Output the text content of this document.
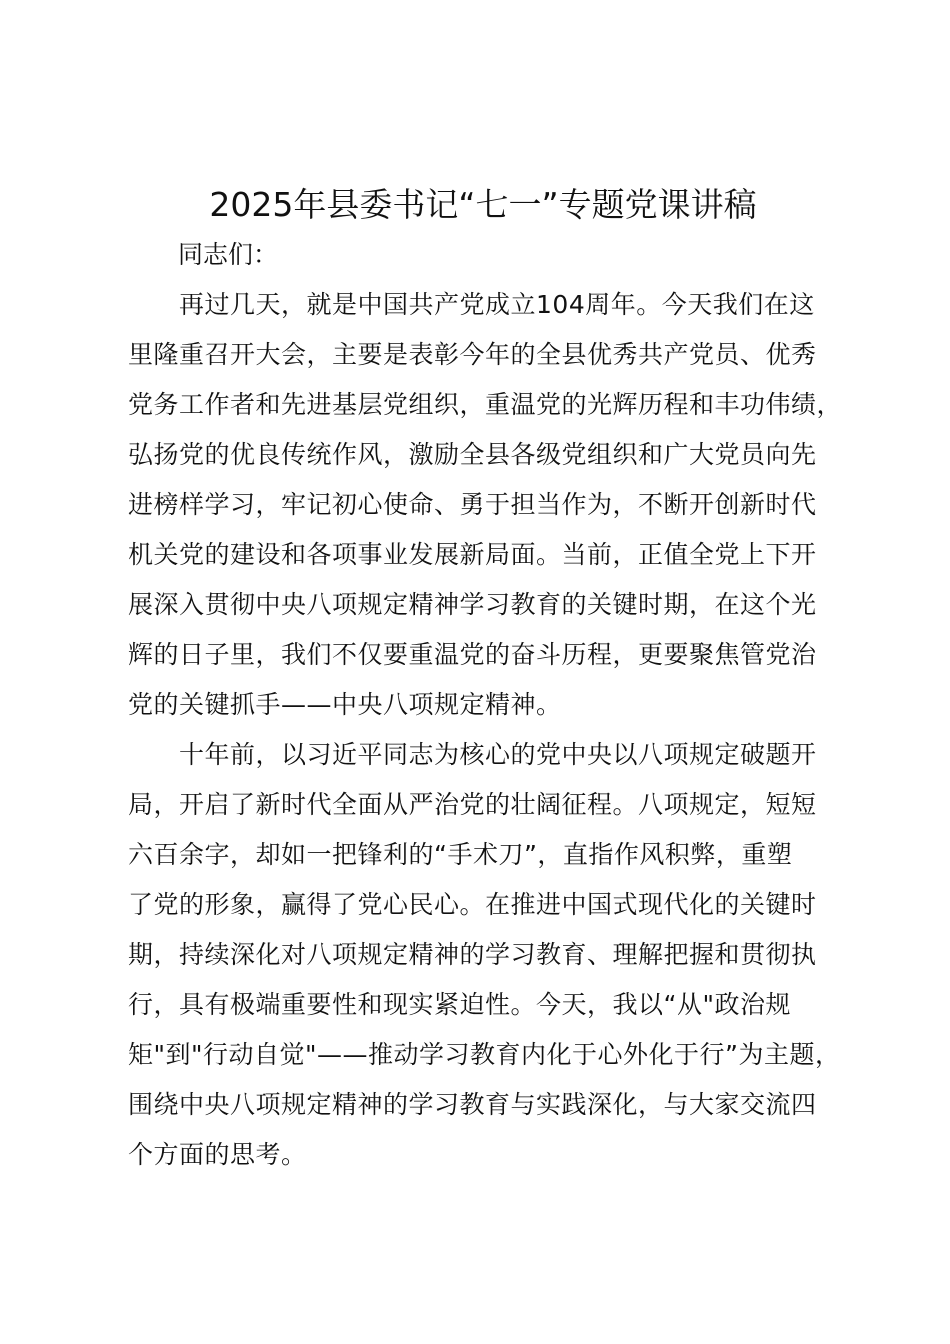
2025年县委书记“七一”专题党课讲稿
同志们：
　　再过几天，就是中国共产党成立104周年。今天我们在这
里隆重召开大会，主要是表彰今年的全县优秀共产党员、优秀
党务工作者和先进基层党组织，重温党的光辉历程和丰功伟绩，
弘扬党的优良传统作风，激励全县各级党组织和广大党员向先
进榜样学习，牢记初心使命、勇于担当作为，不断开创新时代
机关党的建设和各项事业发展新局面。当前，正值全党上下开
展深入贯彻中央八项规定精神学习教育的关键时期，在这个光
辉的日子里，我们不仅要重温党的奋斗历程，更要聚焦管党治
党的关键抓手——中央八项规定精神。
　　十年前，以习近平同志为核心的党中央以八项规定破题开
局，开启了新时代全面从严治党的壮阔征程。八项规定，短短
六百余字，却如一把锋利的“手术刀”，直指作风积弊，重塑
了党的形象，赢得了党心民心。在推进中国式现代化的关键时
期，持续深化对八项规定精神的学习教育、理解把握和贯彻执
行，具有极端重要性和现实紧迫性。今天，我以“从"政治规
矩"到"行动自觉"——推动学习教育内化于心外化于行”为主题，
围绕中央八项规定精神的学习教育与实践深化，与大家交流四
个方面的思考。
